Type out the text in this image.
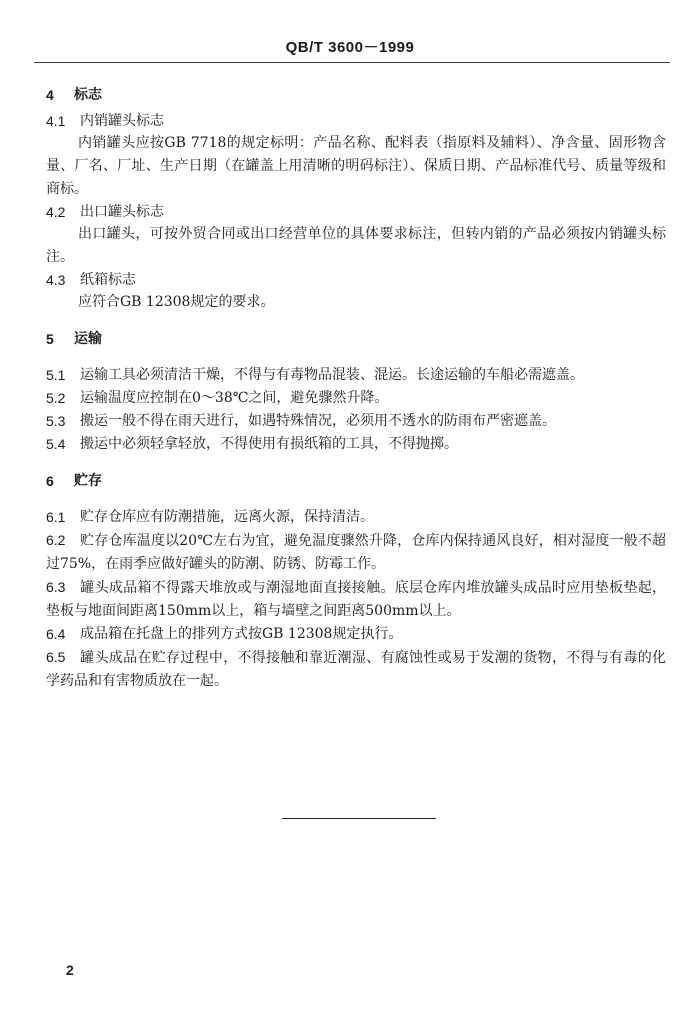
QB/T 3600－1999
4	标志
4.1	内销罐头标志

内销罐头应按GB 7718的规定标明：产品名称、配料表（指原料及辅料）、净含量、固形物含量、厂名、厂址、生产日期（在罐盖上用清晰的明码标注）、保质日期、产品标准代号、质量等级和商标。

4.2	出口罐头标志

出口罐头，可按外贸合同或出口经营单位的具体要求标注，但转内销的产品必须按内销罐头标注。

4.3	纸箱标志

应符合GB 12308规定的要求。

5	运输
5.1	运输工具必须清洁干燥，不得与有毒物品混装、混运。长途运输的车船必需遮盖。
5.2	运输温度应控制在0～38℃之间，避免骤然升降。
5.3	搬运一般不得在雨天进行，如遇特殊情况，必须用不透水的防雨布严密遮盖。
5.4	搬运中必须轻拿轻放，不得使用有损纸箱的工具，不得抛掷。
6	贮存
6.1	贮存仓库应有防潮措施，远离火源，保持清洁。

6.2 贮存仓库温度以20℃左右为宜，避免温度骤然升降，仓库内保持通风良好，相对湿度一般不超过75%，在雨季应做好罐头的防潮、防锈、防霉工作。

6.3 罐头成品箱不得露天堆放或与潮湿地面直接接触。底层仓库内堆放罐头成品时应用垫板垫起，垫板与地面间距离150mm以上，箱与墙壁之间距离500mm以上。

6.4	成品箱在托盘上的排列方式按GB 12308规定执行。

6.5 罐头成品在贮存过程中，不得接触和靠近潮湿、有腐蚀性或易于发潮的货物，不得与有毒的化学药品和有害物质放在一起。

2
